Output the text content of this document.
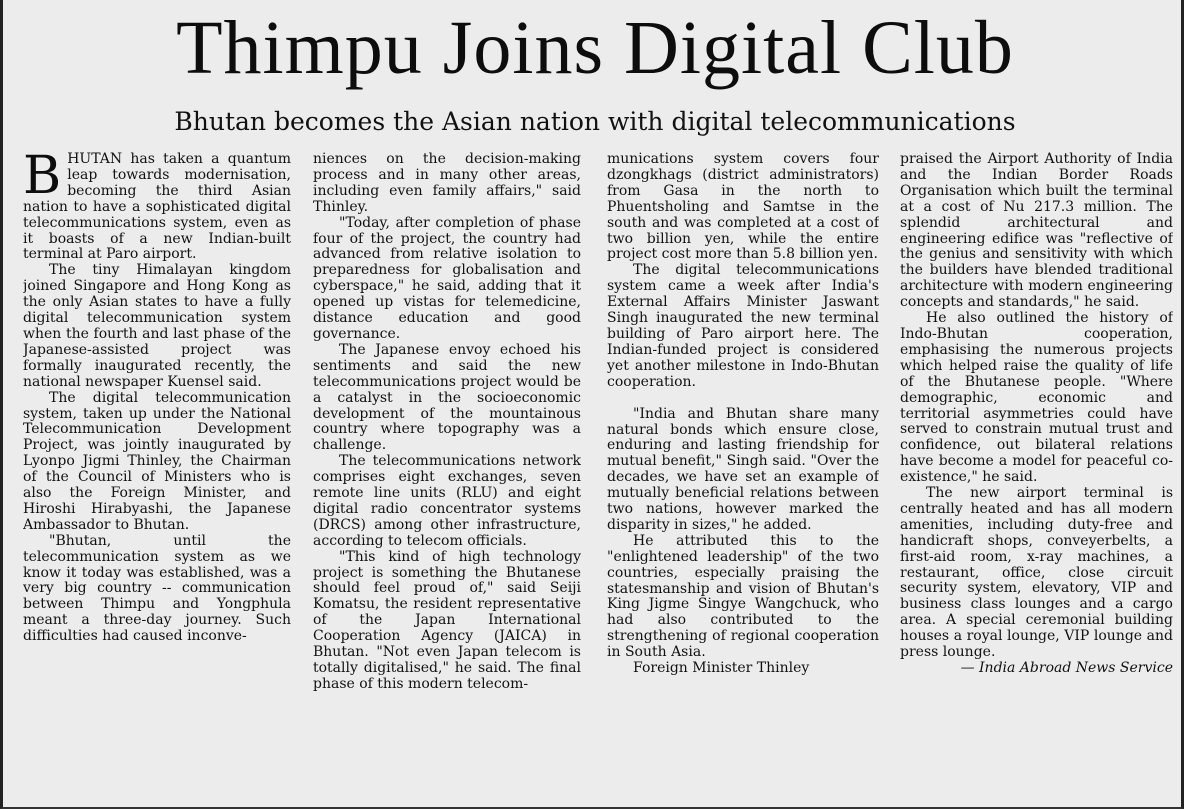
Thimpu Joins Digital Club
Bhutan becomes the Asian nation with digital telecommunications

BHUTAN has taken a quantum leap towards modernisation, becoming the third Asian nation to have a sophisticated digital telecommunications system, even as it boasts of a new Indian-built terminal at Paro airport.

The tiny Himalayan kingdom joined Singapore and Hong Kong as the only Asian states to have a fully digital telecommunication system when the fourth and last phase of the Japanese-assisted project was formally inaugurated recently, the national newspaper Kuensel said.

The digital telecommunication system, taken up under the National Telecommunication Development Project, was jointly inaugurated by Lyonpo Jigmi Thinley, the Chairman of the Council of Ministers who is also the Foreign Minister, and Hiroshi Hirabyashi, the Japanese Ambassador to Bhutan.

"Bhutan, until the telecommunication system as we know it today was established, was a very big country -- communication between Thimpu and Yongphula meant a three-day journey. Such difficulties had caused inconve-

niences on the decision-making process and in many other areas, including even family affairs," said Thinley.

"Today, after completion of phase four of the project, the country had advanced from relative isolation to preparedness for globalisation and cyberspace," he said, adding that it opened up vistas for telemedicine, distance education and good governance.

The Japanese envoy echoed his sentiments and said the new telecommunications project would be a catalyst in the socioeconomic development of the mountainous country where topography was a challenge.

The telecommunications network comprises eight exchanges, seven remote line units (RLU) and eight digital radio concentrator systems (DRCS) among other infrastructure, according to telecom officials.

"This kind of high technology project is something the Bhutanese should feel proud of," said Seiji Komatsu, the resident representative of the Japan International Cooperation Agency (JAICA) in Bhutan. "Not even Japan telecom is totally digitalised," he said. The final phase of this modern telecom-

munications system covers four dzongkhags (district administrators) from Gasa in the north to Phuentsholing and Samtse in the south and was completed at a cost of two billion yen, while the entire project cost more than 5.8 billion yen.

The digital telecommunications system came a week after India's External Affairs Minister Jaswant Singh inaugurated the new terminal building of Paro airport here. The Indian-funded project is considered yet another milestone in Indo-Bhutan cooperation.

"India and Bhutan share many natural bonds which ensure close, enduring and lasting friendship for mutual benefit," Singh said. "Over the decades, we have set an example of mutually beneficial relations between two nations, however marked the disparity in sizes," he added.

He attributed this to the "enlightened leadership" of the two countries, especially praising the statesmanship and vision of Bhutan's King Jigme Singye Wangchuck, who had also contributed to the strengthening of regional cooperation in South Asia.

Foreign Minister Thinley

praised the Airport Authority of India and the Indian Border Roads Organisation which built the terminal at a cost of Nu 217.3 million. The splendid architectural and engineering edifice was "reflective of the genius and sensitivity with which the builders have blended traditional architecture with modern engineering concepts and standards," he said.

He also outlined the history of Indo-Bhutan cooperation, emphasising the numerous projects which helped raise the quality of life of the Bhutanese people. "Where demographic, economic and territorial asymmetries could have served to constrain mutual trust and confidence, out bilateral relations have become a model for peaceful co-existence," he said.

The new airport terminal is centrally heated and has all modern amenities, including duty-free and handicraft shops, conveyerbelts, a first-aid room, x-ray machines, a restaurant, office, close circuit security system, elevatory, VIP and business class lounges and a cargo area. A special ceremonial building houses a royal lounge, VIP lounge and press lounge.

— India Abroad News Service
